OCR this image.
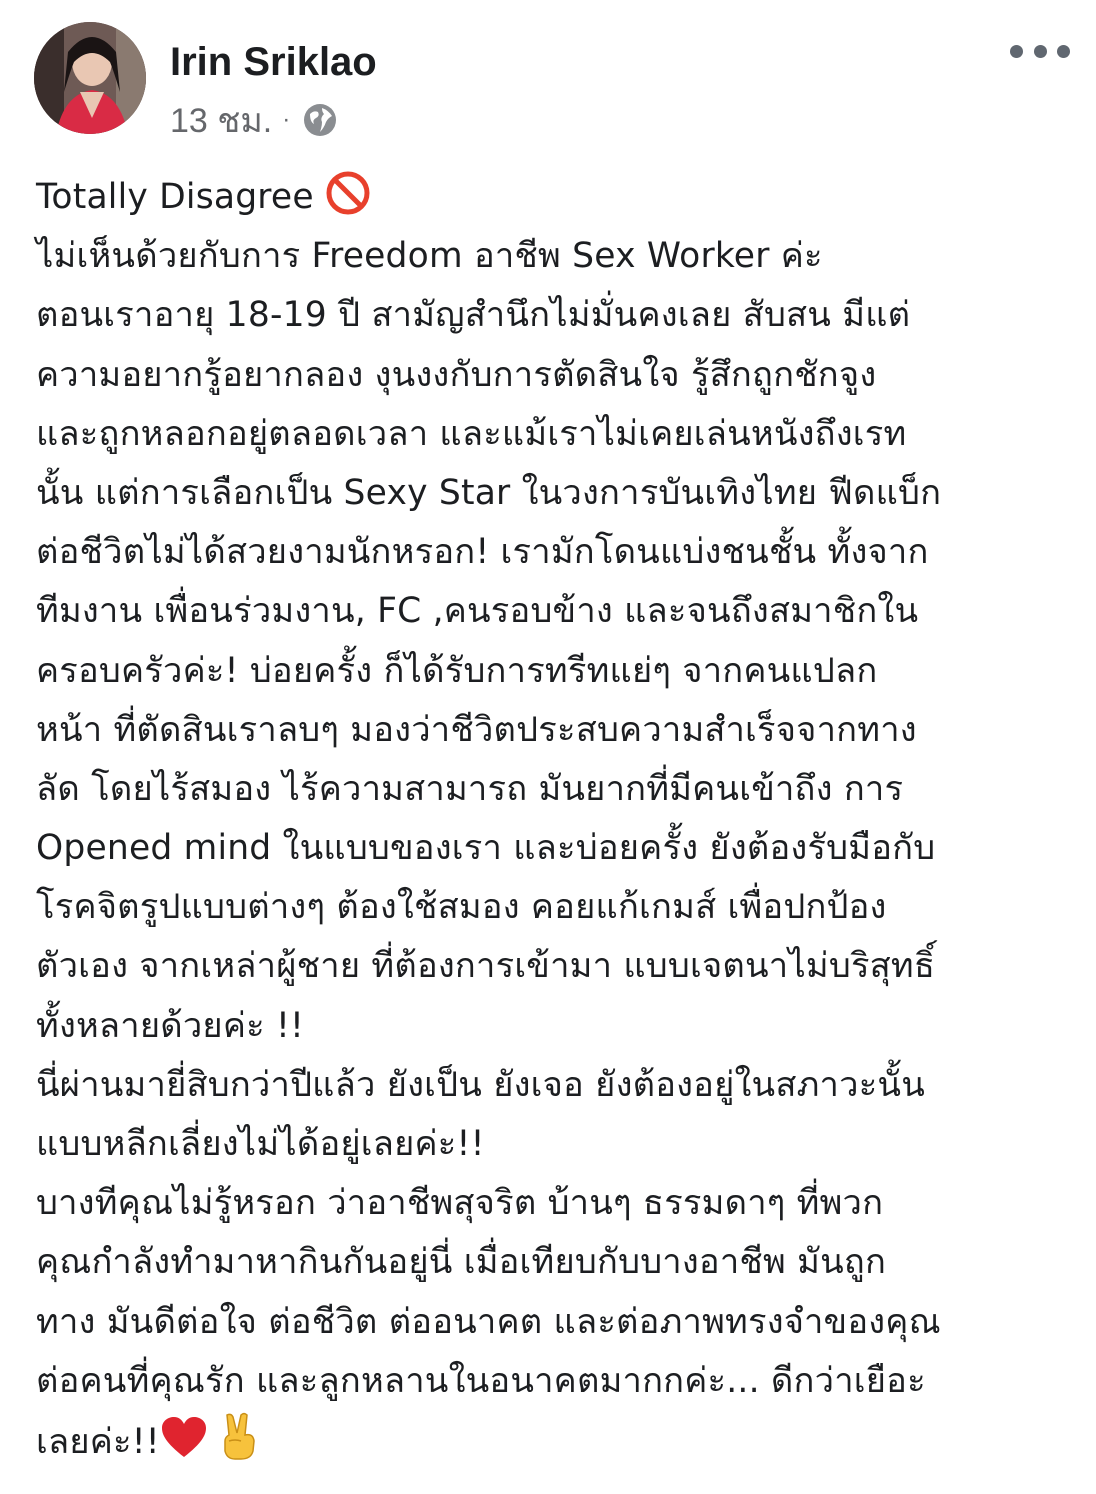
Irin Sriklao
13 ชม. ·
Totally Disagree
ไม่เห็นด้วยกับการ Freedom อาชีพ Sex Worker ค่ะ
ตอนเราอายุ 18-19 ปี สามัญสำนึกไม่มั่นคงเลย สับสน มีแต่
ความอยากรู้อยากลอง งุนงงกับการตัดสินใจ รู้สึกถูกชักจูง
และถูกหลอกอยู่ตลอดเวลา และแม้เราไม่เคยเล่นหนังถึงเรท
นั้น แต่การเลือกเป็น Sexy Star ในวงการบันเทิงไทย ฟีดแบ็ก
ต่อชีวิตไม่ได้สวยงามนักหรอก! เรามักโดนแบ่งชนชั้น ทั้งจาก
ทีมงาน เพื่อนร่วมงาน, FC ,คนรอบข้าง และจนถึงสมาชิกใน
ครอบครัวค่ะ! บ่อยครั้ง ก็ได้รับการทรีทแย่ๆ จากคนแปลก
หน้า ที่ตัดสินเราลบๆ มองว่าชีวิตประสบความสำเร็จจากทาง
ลัด โดยไร้สมอง ไร้ความสามารถ มันยากที่มีคนเข้าถึง การ
Opened mind ในแบบของเรา และบ่อยครั้ง ยังต้องรับมือกับ
โรคจิตรูปแบบต่างๆ ต้องใช้สมอง คอยแก้เกมส์ เพื่อปกป้อง
ตัวเอง จากเหล่าผู้ชาย ที่ต้องการเข้ามา แบบเจตนาไม่บริสุทธิ์
ทั้งหลายด้วยค่ะ !!
นี่ผ่านมายี่สิบกว่าปีแล้ว ยังเป็น ยังเจอ ยังต้องอยู่ในสภาวะนั้น
แบบหลีกเลี่ยงไม่ได้อยู่เลยค่ะ!!
บางทีคุณไม่รู้หรอก ว่าอาชีพสุจริต บ้านๆ ธรรมดาๆ ที่พวก
คุณกำลังทำมาหากินกันอยู่นี่ เมื่อเทียบกับบางอาชีพ มันถูก
ทาง มันดีต่อใจ ต่อชีวิต ต่ออนาคต และต่อภาพทรงจำของคุณ
ต่อคนที่คุณรัก และลูกหลานในอนาคตมากกค่ะ... ดีกว่าเยือะ
เลยค่ะ!!
